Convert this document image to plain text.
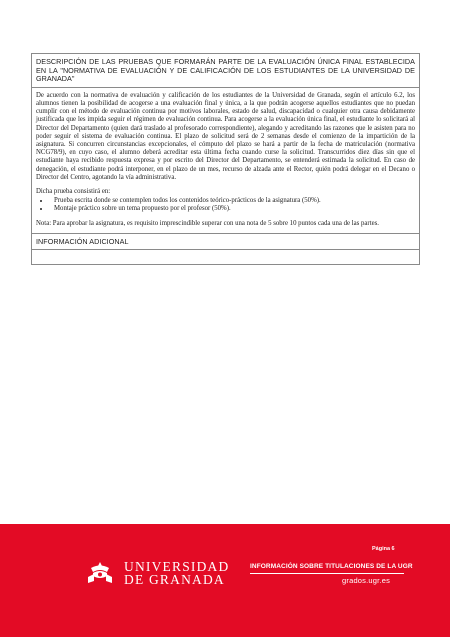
DESCRIPCIÓN DE LAS PRUEBAS QUE FORMARÁN PARTE DE LA EVALUACIÓN ÚNICA FINAL ESTABLECIDA EN LA "NORMATIVA DE EVALUACIÓN Y DE CALIFICACIÓN DE LOS ESTUDIANTES DE LA UNIVERSIDAD DE GRANADA"

De acuerdo con la normativa de evaluación y calificación de los estudiantes de la Universidad de Granada, según el artículo 6.2, los alumnos tienen la posibilidad de acogerse a una evaluación final y única, a la que podrán acogerse aquellos estudiantes que no puedan cumplir con el método de evaluación continua por motivos laborales, estado de salud, discapacidad o cualquier otra causa debidamente justificada que les impida seguir el régimen de evaluación continua. Para acogerse a la evaluación única final, el estudiante lo solicitará al Director del Departamento (quien dará traslado al profesorado correspondiente), alegando y acreditando las razones que le asisten para no poder seguir el sistema de evaluación continua. El plazo de solicitud será de 2 semanas desde el comienzo de la impartición de la asignatura. Si concurren circunstancias excepcionales, el cómputo del plazo se hará a partir de la fecha de matriculación (normativa NCG78/9), en cuyo caso, el alumno deberá acreditar esta última fecha cuando curse la solicitud. Transcurridos diez días sin que el estudiante haya recibido respuesta expresa y por escrito del Director del Departamento, se entenderá estimada la solicitud. En caso de denegación, el estudiante podrá interponer, en el plazo de un mes, recurso de alzada ante el Rector, quién podrá delegar en el Decano o Director del Centro, agotando la vía administrativa.

Dicha prueba consistirá en:

• Prueba escrita donde se contemplen todos los contenidos teórico-prácticos de la asignatura (50%).
• Montaje práctico sobre un tema propuesto por el profesor (50%).

Nota: Para aprobar la asignatura, es requisito imprescindible superar con una nota de 5 sobre 10 puntos cada una de las partes.

INFORMACIÓN ADICIONAL
Página 6
UNIVERSIDAD
DE GRANADA
INFORMACIÓN SOBRE TITULACIONES DE LA UGR
grados.ugr.es
